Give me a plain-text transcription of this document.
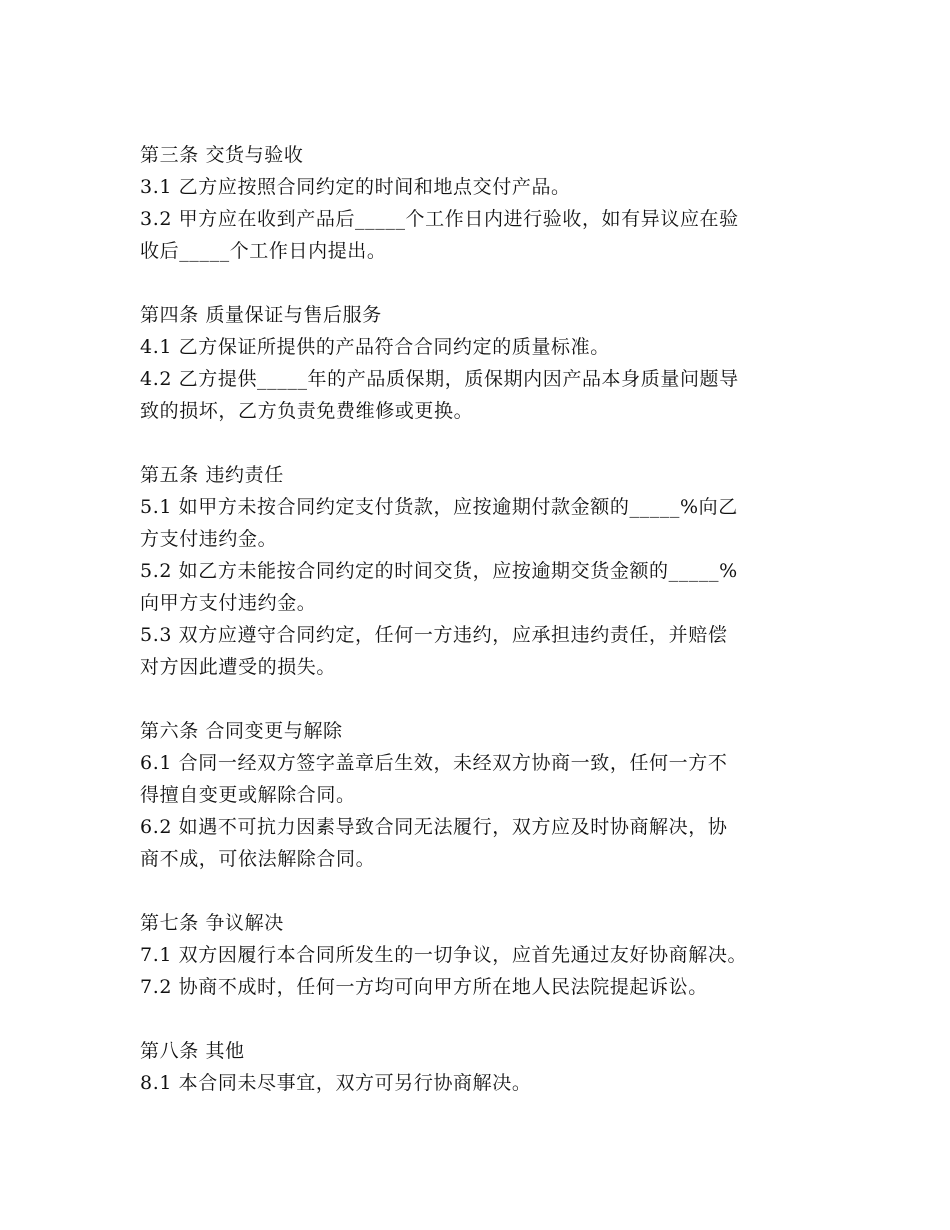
第三条 交货与验收

3.1 乙方应按照合同约定的时间和地点交付产品。

3.2 甲方应在收到产品后_____个工作日内进行验收，如有异议应在验

收后_____个工作日内提出。

第四条 质量保证与售后服务

4.1 乙方保证所提供的产品符合合同约定的质量标准。

4.2 乙方提供_____年的产品质保期，质保期内因产品本身质量问题导

致的损坏，乙方负责免费维修或更换。

第五条 违约责任

5.1 如甲方未按合同约定支付货款，应按逾期付款金额的_____%向乙

方支付违约金。

5.2 如乙方未能按合同约定的时间交货，应按逾期交货金额的_____%

向甲方支付违约金。

5.3 双方应遵守合同约定，任何一方违约，应承担违约责任，并赔偿

对方因此遭受的损失。

第六条 合同变更与解除

6.1 合同一经双方签字盖章后生效，未经双方协商一致，任何一方不

得擅自变更或解除合同。

6.2 如遇不可抗力因素导致合同无法履行，双方应及时协商解决，协

商不成，可依法解除合同。

第七条 争议解决

7.1 双方因履行本合同所发生的一切争议，应首先通过友好协商解决。

7.2 协商不成时，任何一方均可向甲方所在地人民法院提起诉讼。

第八条 其他

8.1 本合同未尽事宜，双方可另行协商解决。
